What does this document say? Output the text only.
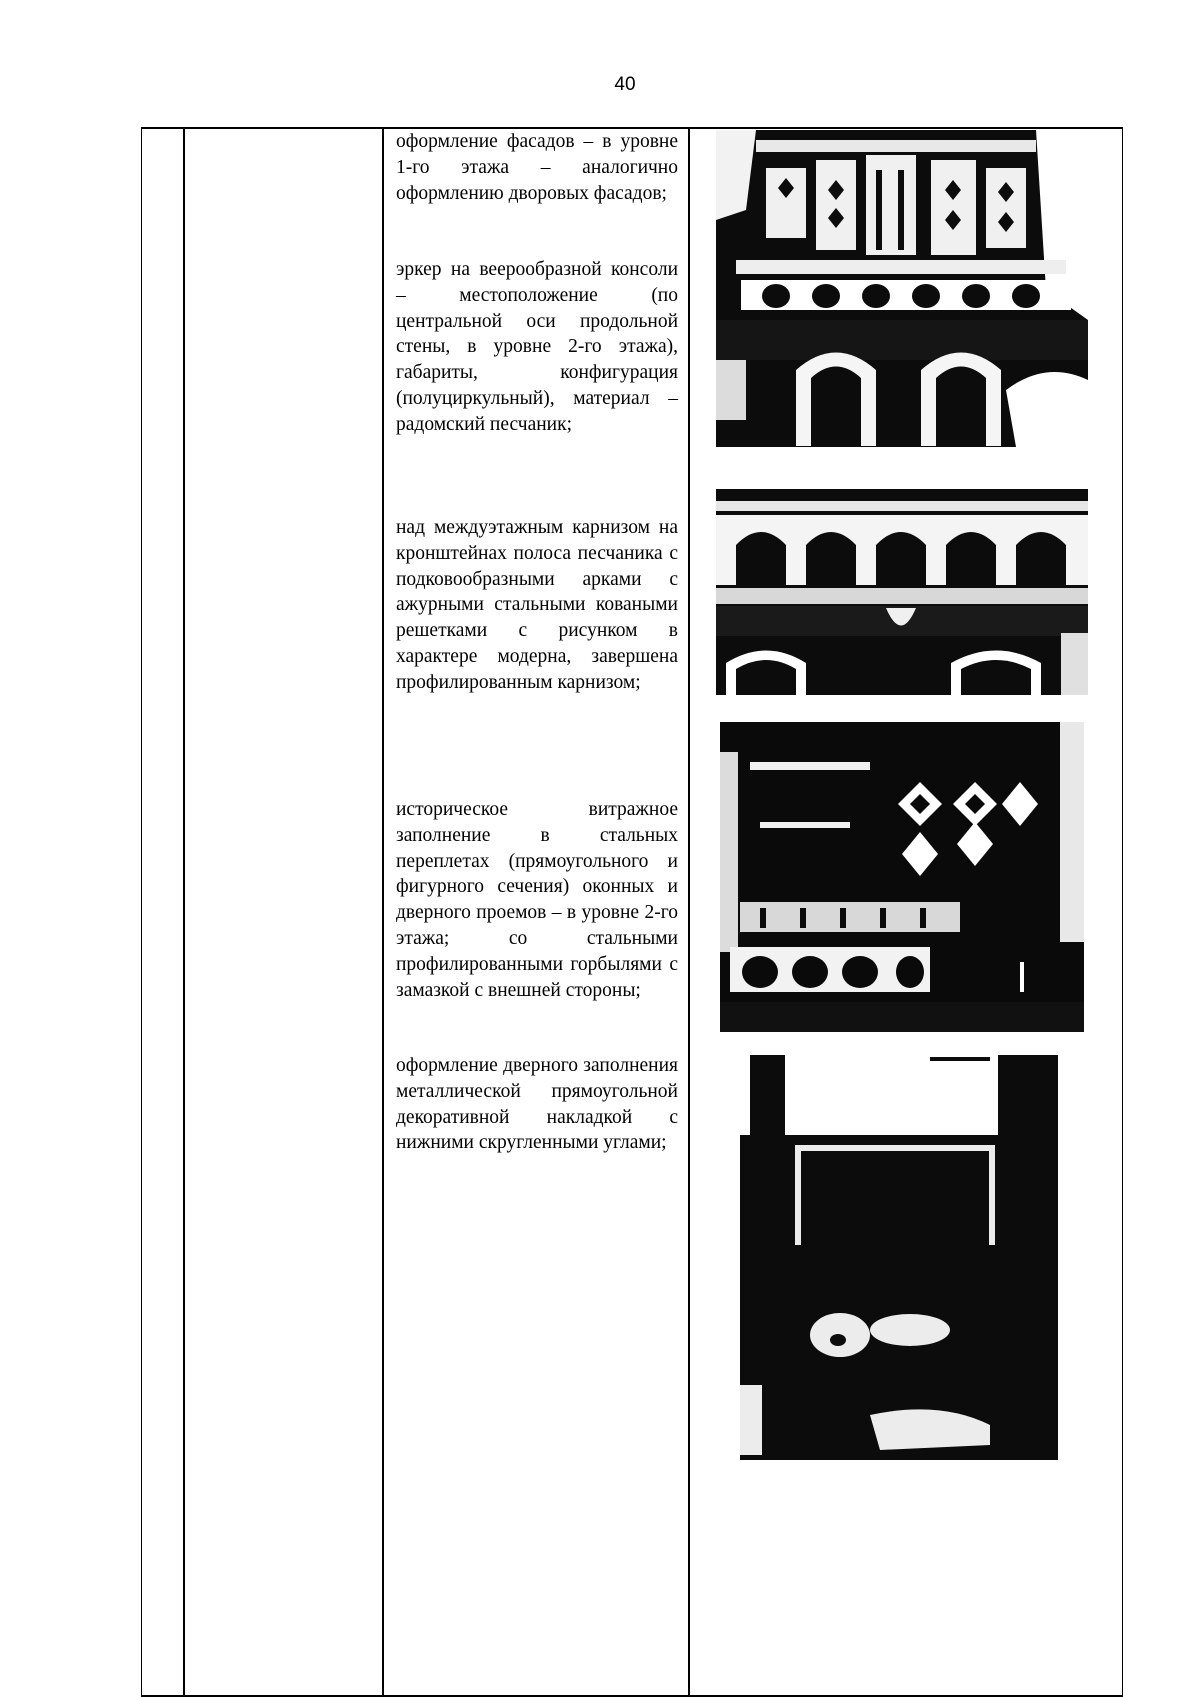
40

оформление фасадов – в уровне 1-го этажа – аналогично оформлению дворовых фасадов;

эркер на веерообразной консоли – местоположение (по центральной оси продольной стены, в уровне 2-го этажа), габариты, конфигурация (полуциркульный), материал – радомский песчаник;

над междуэтажным карнизом на кронштейнах полоса песчаника с подковообразными арками с ажурными стальными коваными решетками с рисунком в характере модерна, завершена профилированным карнизом;

историческое витражное заполнение в стальных переплетах (прямоугольного и фигурного сечения) оконных и дверного проемов – в уровне 2-го этажа; со стальными профилированными горбылями с замазкой с внешней стороны;

оформление дверного заполнения металлической прямоугольной декоративной накладкой с нижними скругленными углами;
